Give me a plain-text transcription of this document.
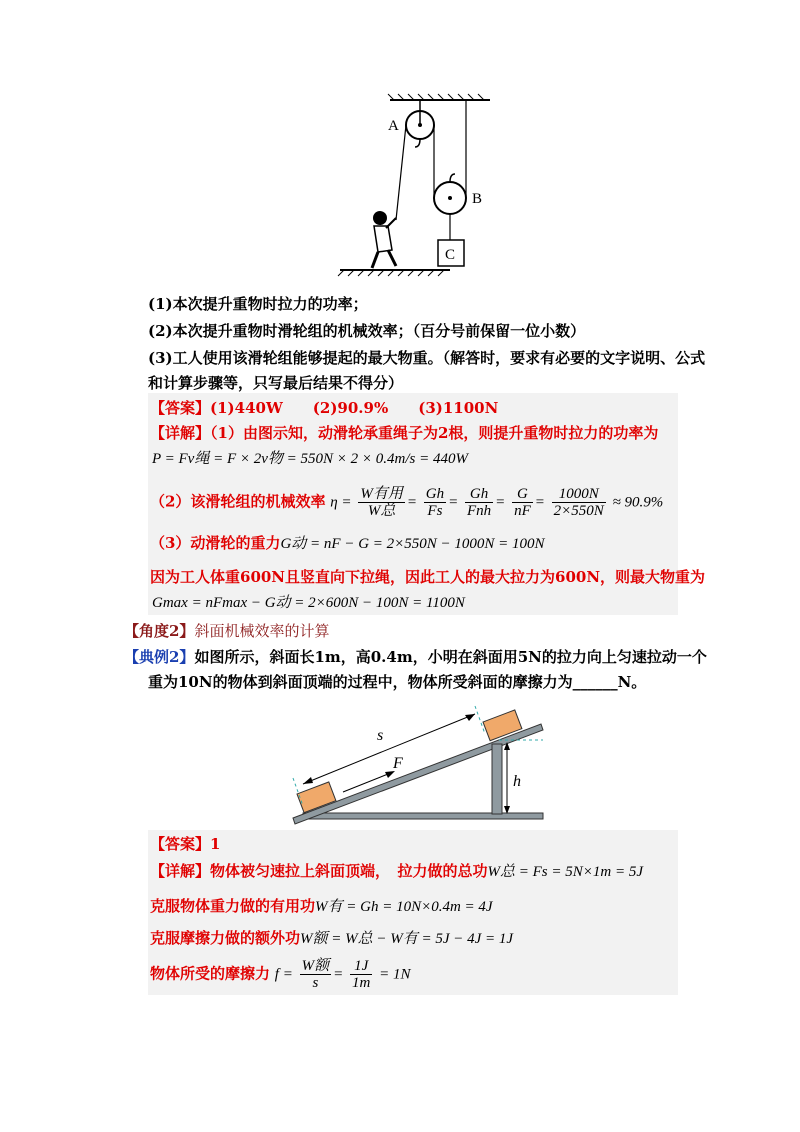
A
B
C
(1)本次提升重物时拉力的功率；
(2)本次提升重物时滑轮组的机械效率；（百分号前保留一位小数）
(3)工人使用该滑轮组能够提起的最大物重。（解答时，要求有必要的文字说明、公式
和计算步骤等，只写最后结果不得分）
【答案】(1)440W　　(2)90.9%　　(3)1100N
【详解】（1）由图示知，动滑轮承重绳子为2根，则提升重物时拉力的功率为
P = Fv绳 = F × 2v物 = 550N × 2 × 0.4m/s = 440W
（2）该滑轮组的机械效率 $\eta = \frac{\text{W有用}}{\text{W总}} = \frac{Gh}{Fs} = \frac{Gh}{\text{Fnh}} = \frac{G}{nF} = \frac{1000N}{2\times 550N} \approx 90.9\%$
（3）动滑轮的重力G动 = nF − G = 2×550N − 1000N = 100N
因为工人体重600N且竖直向下拉绳，因此工人的最大拉力为600N，则最大物重为
Gmax = nFmax − G动 = 2×600N − 100N = 1100N
【角度2】斜面机械效率的计算
【典例2】如图所示，斜面长1m，高0.4m，小明在斜面用5N的拉力向上匀速拉动一个
重为10N的物体到斜面顶端的过程中，物体所受斜面的摩擦力为______N。
s
F
h
【答案】1
【详解】物体被匀速拉上斜面顶端，　拉力做的总功W总 = Fs = 5N×1m = 5J
克服物体重力做的有用功W有 = Gh = 10N×0.4m = 4J
克服摩擦力做的额外功W额 = W总 − W有 = 5J − 4J = 1J
物体所受的摩擦力 $f = \frac{\text{W额}}{s} = \frac{1J}{1m} = 1N$
